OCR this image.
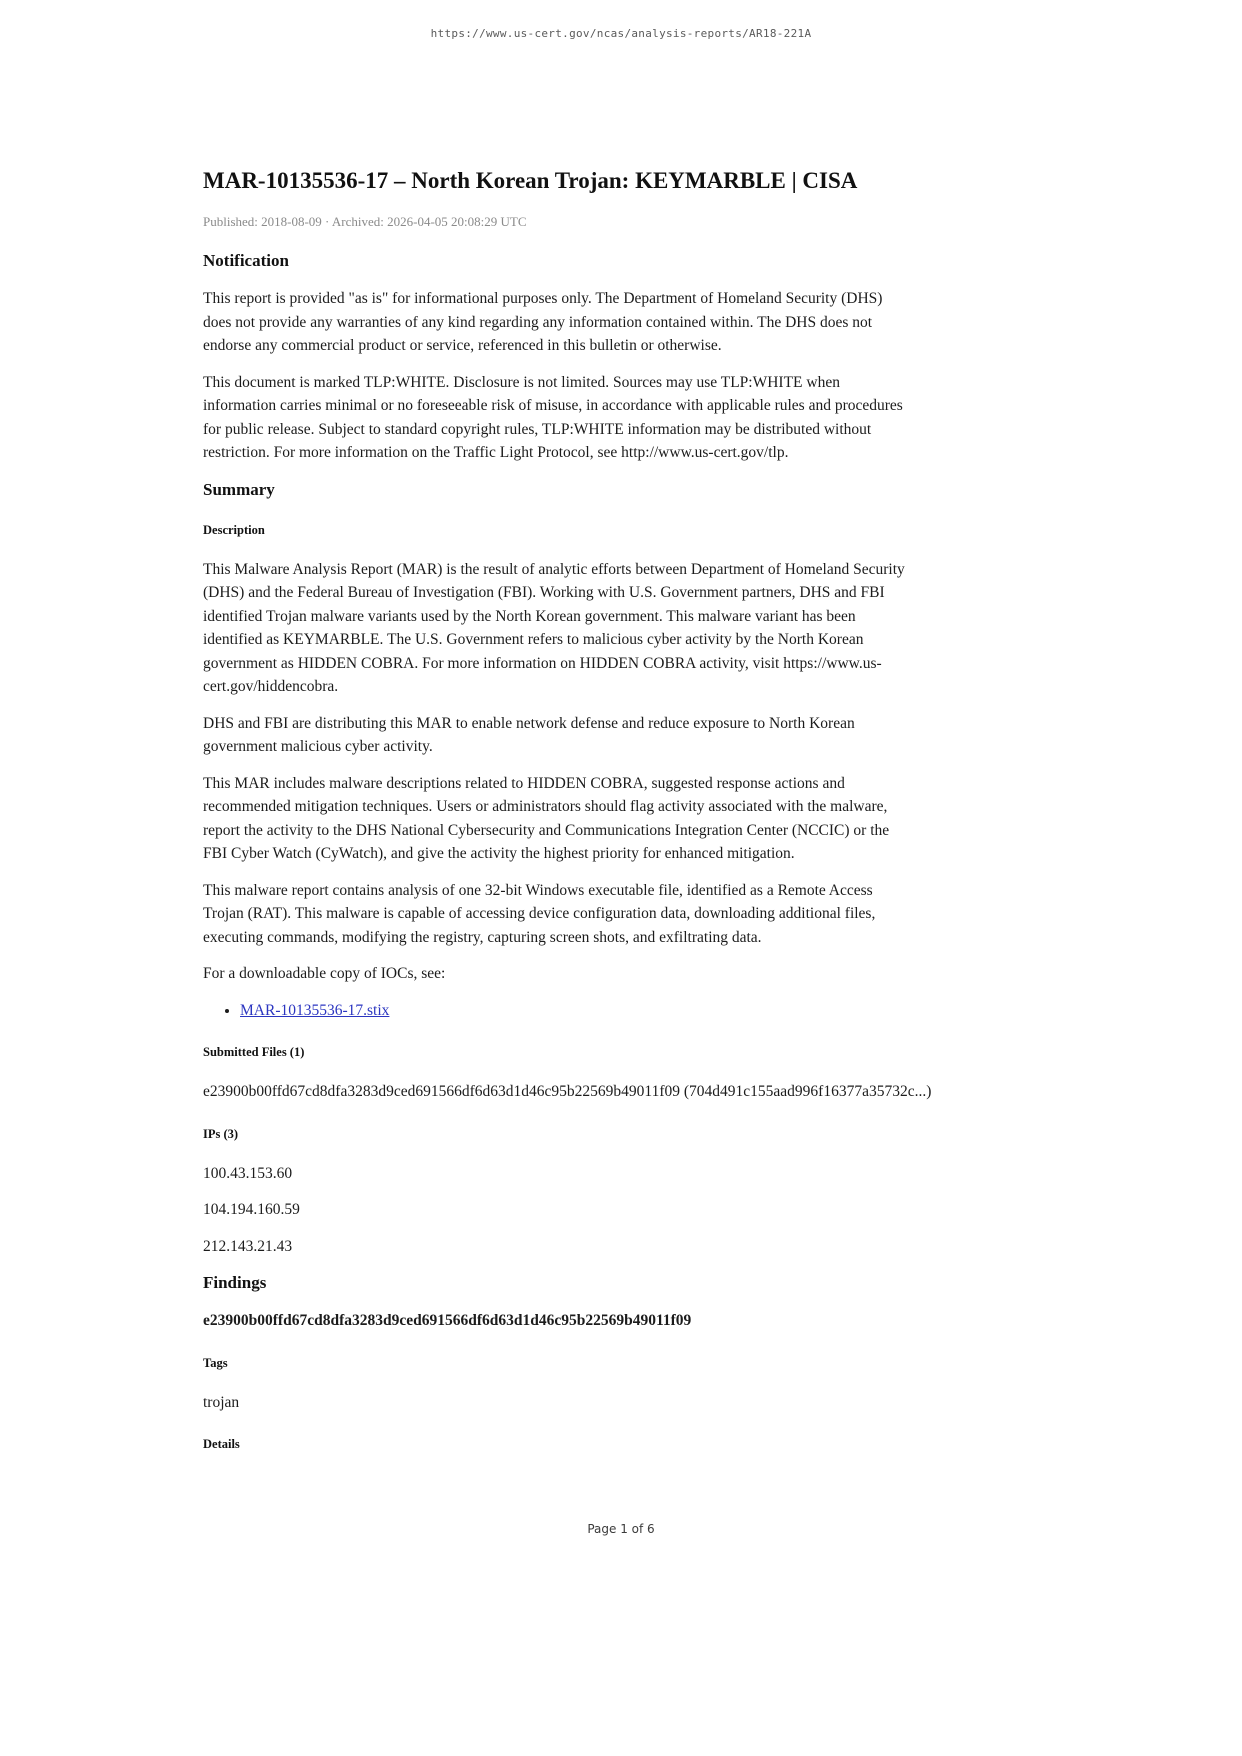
https://www.us-cert.gov/ncas/analysis-reports/AR18-221A
MAR-10135536-17 – North Korean Trojan: KEYMARBLE | CISA
Published: 2018-08-09 · Archived: 2026-04-05 20:08:29 UTC
Notification

This report is provided "as is" for informational purposes only. The Department of Homeland Security (DHS) does not provide any warranties of any kind regarding any information contained within. The DHS does not endorse any commercial product or service, referenced in this bulletin or otherwise.

This document is marked TLP:WHITE. Disclosure is not limited. Sources may use TLP:WHITE when information carries minimal or no foreseeable risk of misuse, in accordance with applicable rules and procedures for public release. Subject to standard copyright rules, TLP:WHITE information may be distributed without restriction. For more information on the Traffic Light Protocol, see http://www.us-cert.gov/tlp.

Summary
Description

This Malware Analysis Report (MAR) is the result of analytic efforts between Department of Homeland Security (DHS) and the Federal Bureau of Investigation (FBI). Working with U.S. Government partners, DHS and FBI identified Trojan malware variants used by the North Korean government. This malware variant has been identified as KEYMARBLE. The U.S. Government refers to malicious cyber activity by the North Korean government as HIDDEN COBRA. For more information on HIDDEN COBRA activity, visit https://www.us-cert.gov/hiddencobra.

DHS and FBI are distributing this MAR to enable network defense and reduce exposure to North Korean government malicious cyber activity.

This MAR includes malware descriptions related to HIDDEN COBRA, suggested response actions and recommended mitigation techniques. Users or administrators should flag activity associated with the malware, report the activity to the DHS National Cybersecurity and Communications Integration Center (NCCIC) or the FBI Cyber Watch (CyWatch), and give the activity the highest priority for enhanced mitigation.

This malware report contains analysis of one 32-bit Windows executable file, identified as a Remote Access Trojan (RAT). This malware is capable of accessing device configuration data, downloading additional files, executing commands, modifying the registry, capturing screen shots, and exfiltrating data.

For a downloadable copy of IOCs, see:

• MAR-10135536-17.stix
Submitted Files (1)

e23900b00ffd67cd8dfa3283d9ced691566df6d63d1d46c95b22569b49011f09 (704d491c155aad996f16377a35732c...)

IPs (3)

100.43.153.60

104.194.160.59

212.143.21.43

Findings

e23900b00ffd67cd8dfa3283d9ced691566df6d63d1d46c95b22569b49011f09

Tags

trojan

Details
Page 1 of 6
